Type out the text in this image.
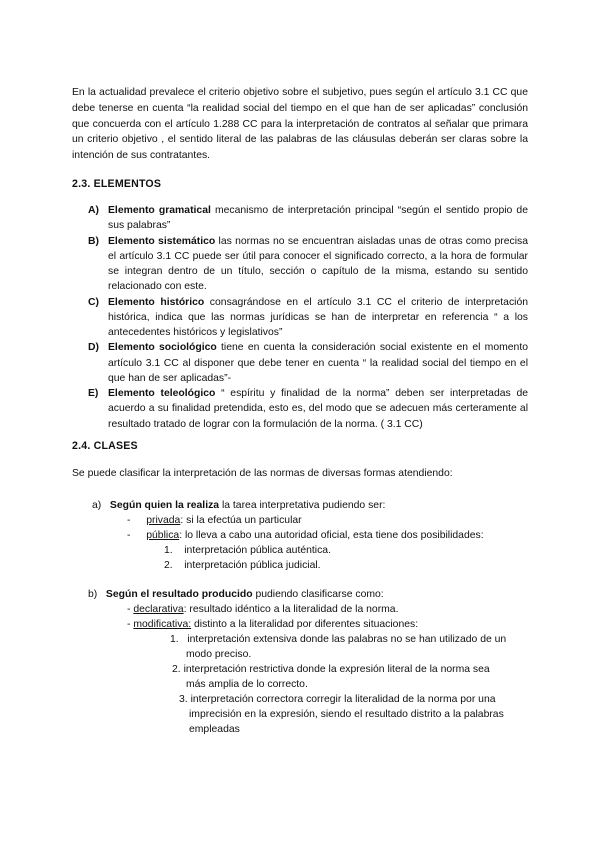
En la actualidad prevalece el criterio objetivo sobre el subjetivo, pues según el artículo 3.1 CC que debe tenerse en cuenta “la realidad social del tiempo en el que han de ser aplicadas” conclusión que concuerda con el artículo 1.288 CC para la interpretación de contratos al señalar que primara un criterio objetivo , el sentido literal de las palabras de las cláusulas deberán ser claras sobre la intención de sus contratantes.

2.3. ELEMENTOS
A) Elemento gramatical mecanismo de interpretación principal “según el sentido propio de sus palabras”
B) Elemento sistemático las normas no se encuentran aisladas unas de otras como precisa el artículo 3.1 CC puede ser útil para conocer el significado correcto, a la hora de formular se integran dentro de un título, sección o capítulo de la misma, estando su sentido relacionado con este.
C) Elemento histórico consagrándose en el artículo 3.1 CC el criterio de interpretación histórica, indica que las normas jurídicas se han de interpretar en referencia “ a los antecedentes históricos y legislativos”
D) Elemento sociológico tiene en cuenta la consideración social existente en el momento artículo 3.1 CC al disponer que debe tener en cuenta “ la realidad social del tiempo en el que han de ser aplicadas”-
E) Elemento teleológico “ espíritu y finalidad de la norma” deben ser interpretadas de acuerdo a su finalidad pretendida, esto es, del modo que se adecuen más certeramente al resultado tratado de lograr con la formulación de la norma. ( 3.1 CC)
2.4. CLASES

Se puede clasificar la interpretación de las normas de diversas formas atendiendo:

a) Según quien la realiza la tarea interpretativa pudiendo ser:
- privada: si la efectúa un particular
- pública: lo lleva a cabo una autoridad oficial, esta tiene dos posibilidades:
1. interpretación pública auténtica.
2. interpretación pública judicial.
b) Según el resultado producido pudiendo clasificarse como:
- declarativa: resultado idéntico a la literalidad de la norma.
- modificativa: distinto a la literalidad por diferentes situaciones:
1. interpretación extensiva donde las palabras no se han utilizado de un
modo preciso.
2. interpretación restrictiva donde la expresión literal de la norma sea
más amplia de lo correcto.
3. interpretación correctora corregir la literalidad de la norma por una
imprecisión en la expresión, siendo el resultado distrito a la palabras
empleadas
